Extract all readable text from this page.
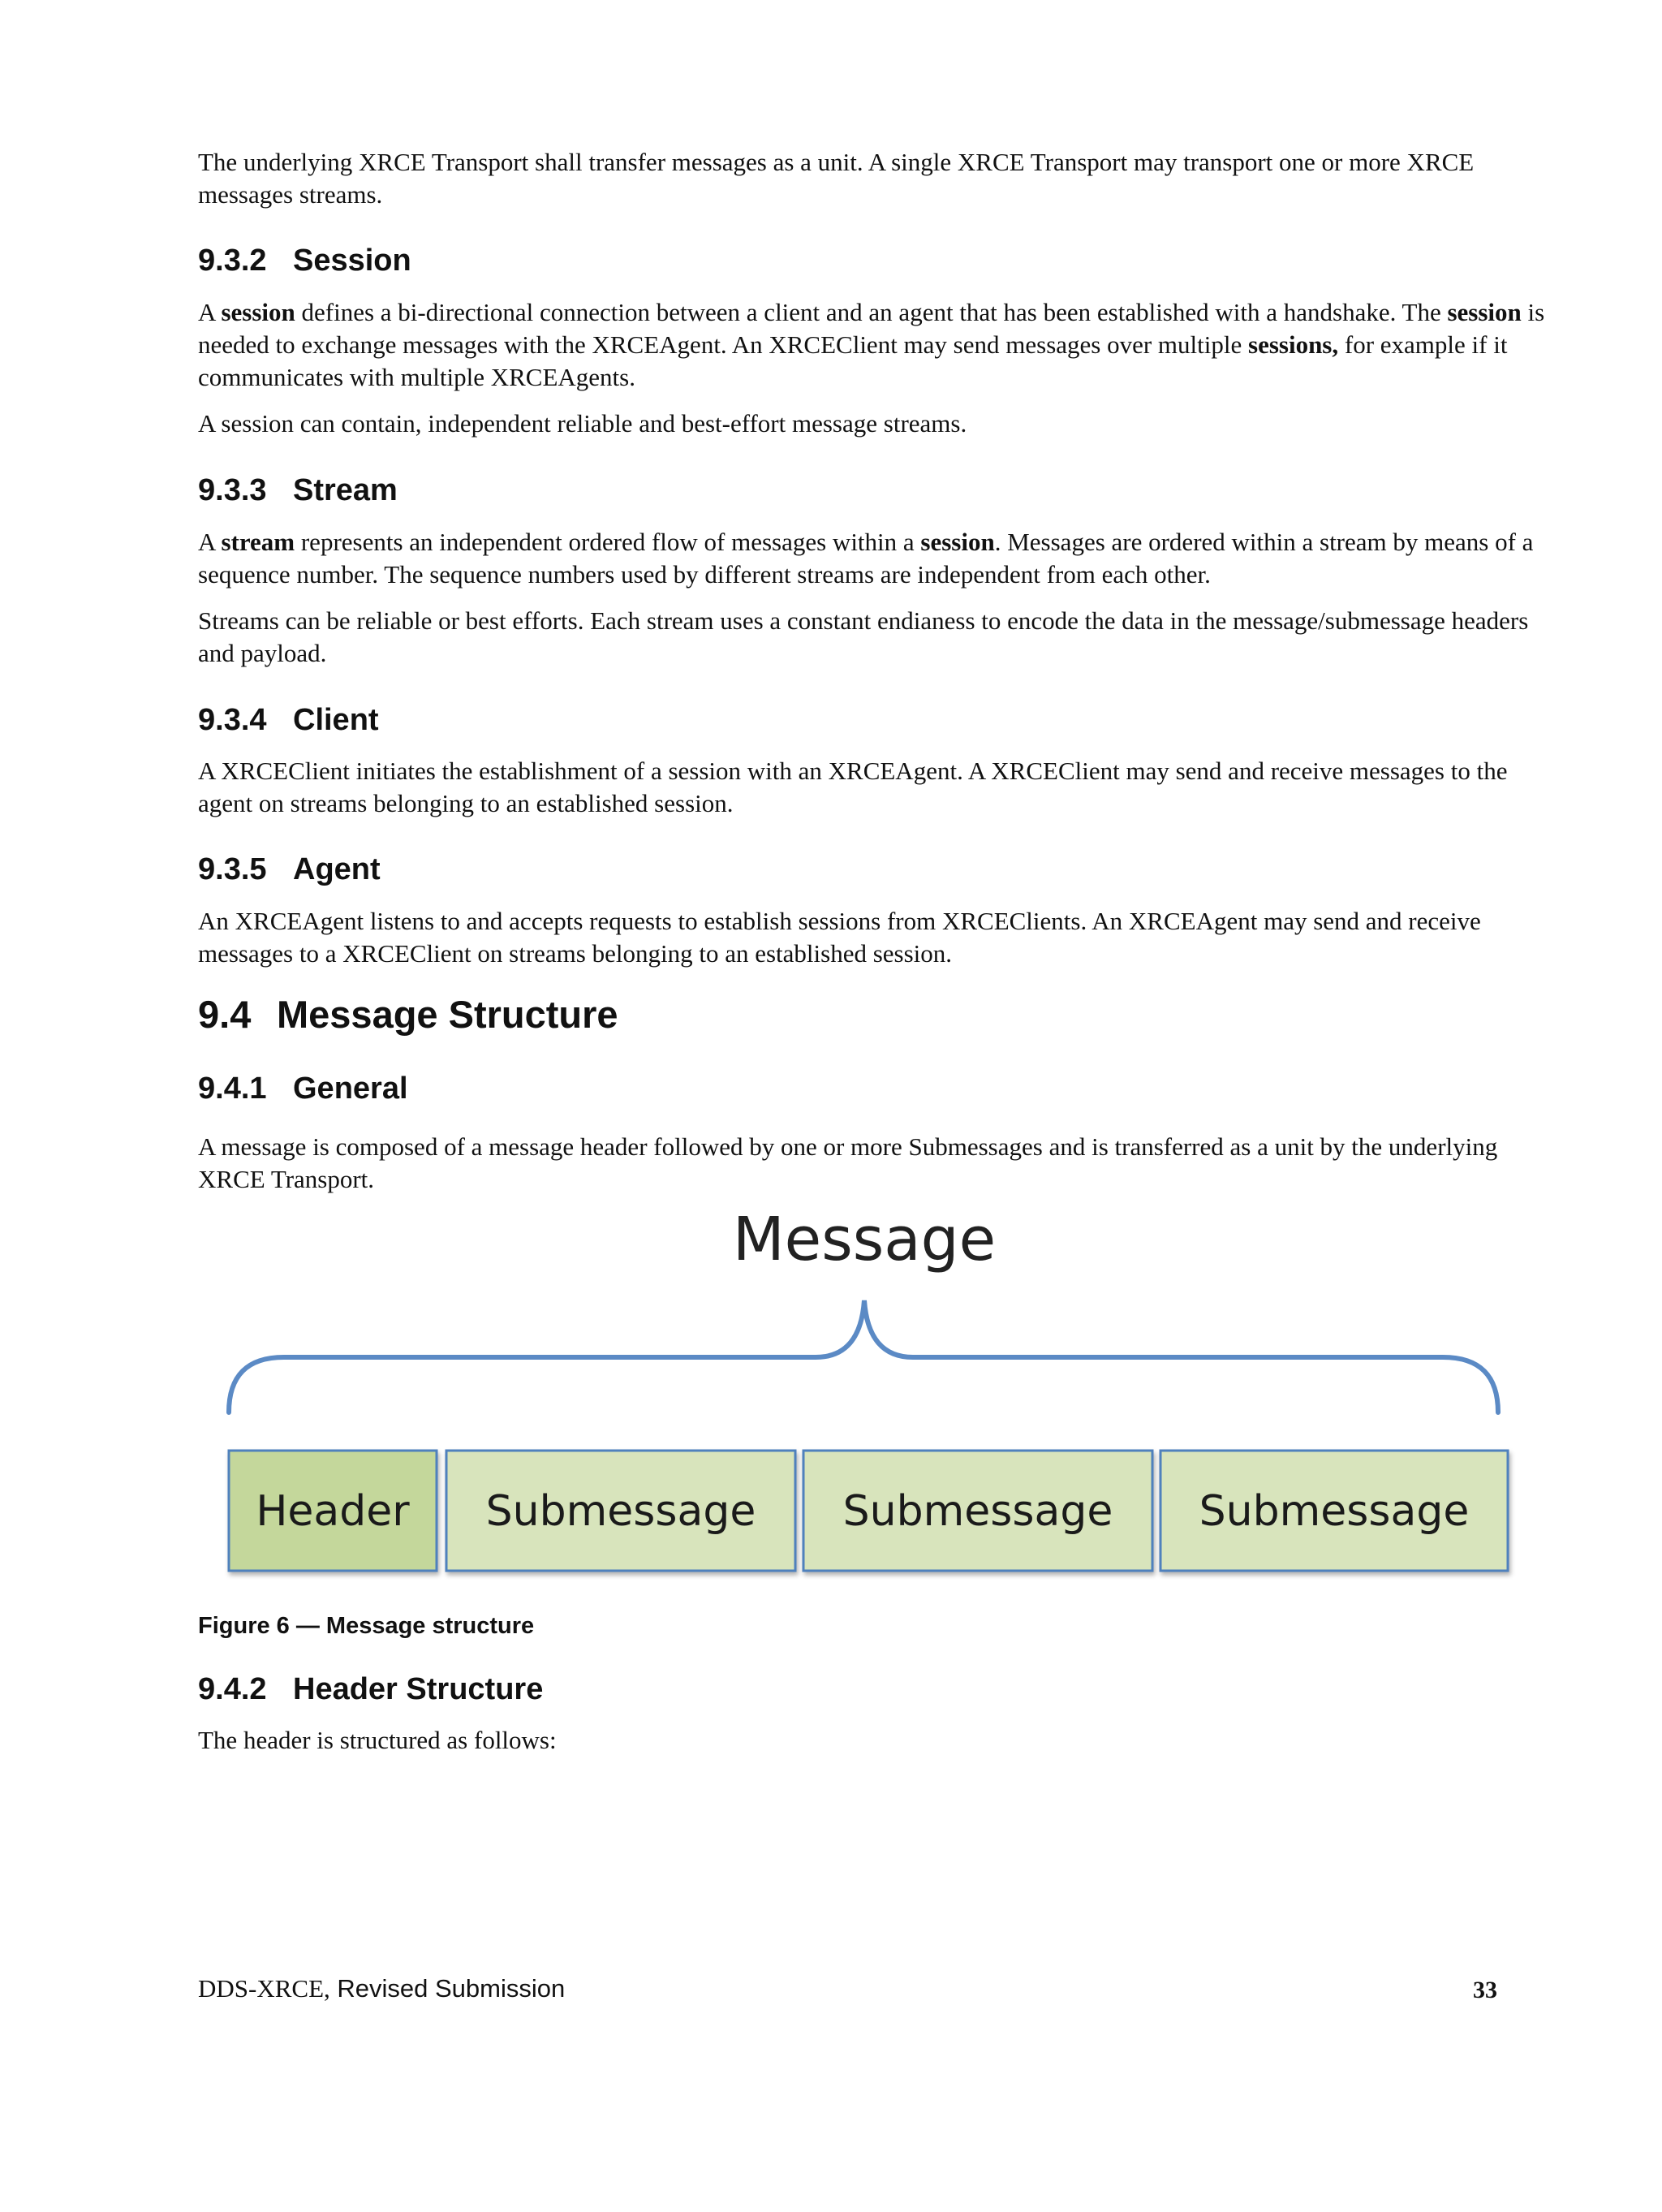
The underlying XRCE Transport shall transfer messages as a unit. A single XRCE Transport may transport one or more XRCE messages streams.

9.3.2 Session

A session defines a bi-directional connection between a client and an agent that has been established with a handshake. The session is needed to exchange messages with the XRCEAgent. An XRCEClient may send messages over multiple sessions, for example if it communicates with multiple XRCEAgents.

A session can contain, independent reliable and best-effort message streams.

9.3.3 Stream

A stream represents an independent ordered flow of messages within a session. Messages are ordered within a stream by means of a sequence number. The sequence numbers used by different streams are independent from each other.

Streams can be reliable or best efforts. Each stream uses a constant endianess to encode the data in the message/submessage headers and payload.

9.3.4 Client

A XRCEClient initiates the establishment of a session with an XRCEAgent. A XRCEClient may send and receive messages to the agent on streams belonging to an established session.

9.3.5 Agent

An XRCEAgent listens to and accepts requests to establish sessions from XRCEClients. An XRCEAgent may send and receive messages to a XRCEClient on streams belonging to an established session.

9.4 Message Structure
9.4.1 General

A message is composed of a message header followed by one or more Submessages and is transferred as a unit by the underlying XRCE Transport.

Message
Header Submessage Submessage Submessage

Figure 6 — Message structure

9.4.2 Header Structure

The header is structured as follows:

DDS-XRCE, Revised Submission	33
